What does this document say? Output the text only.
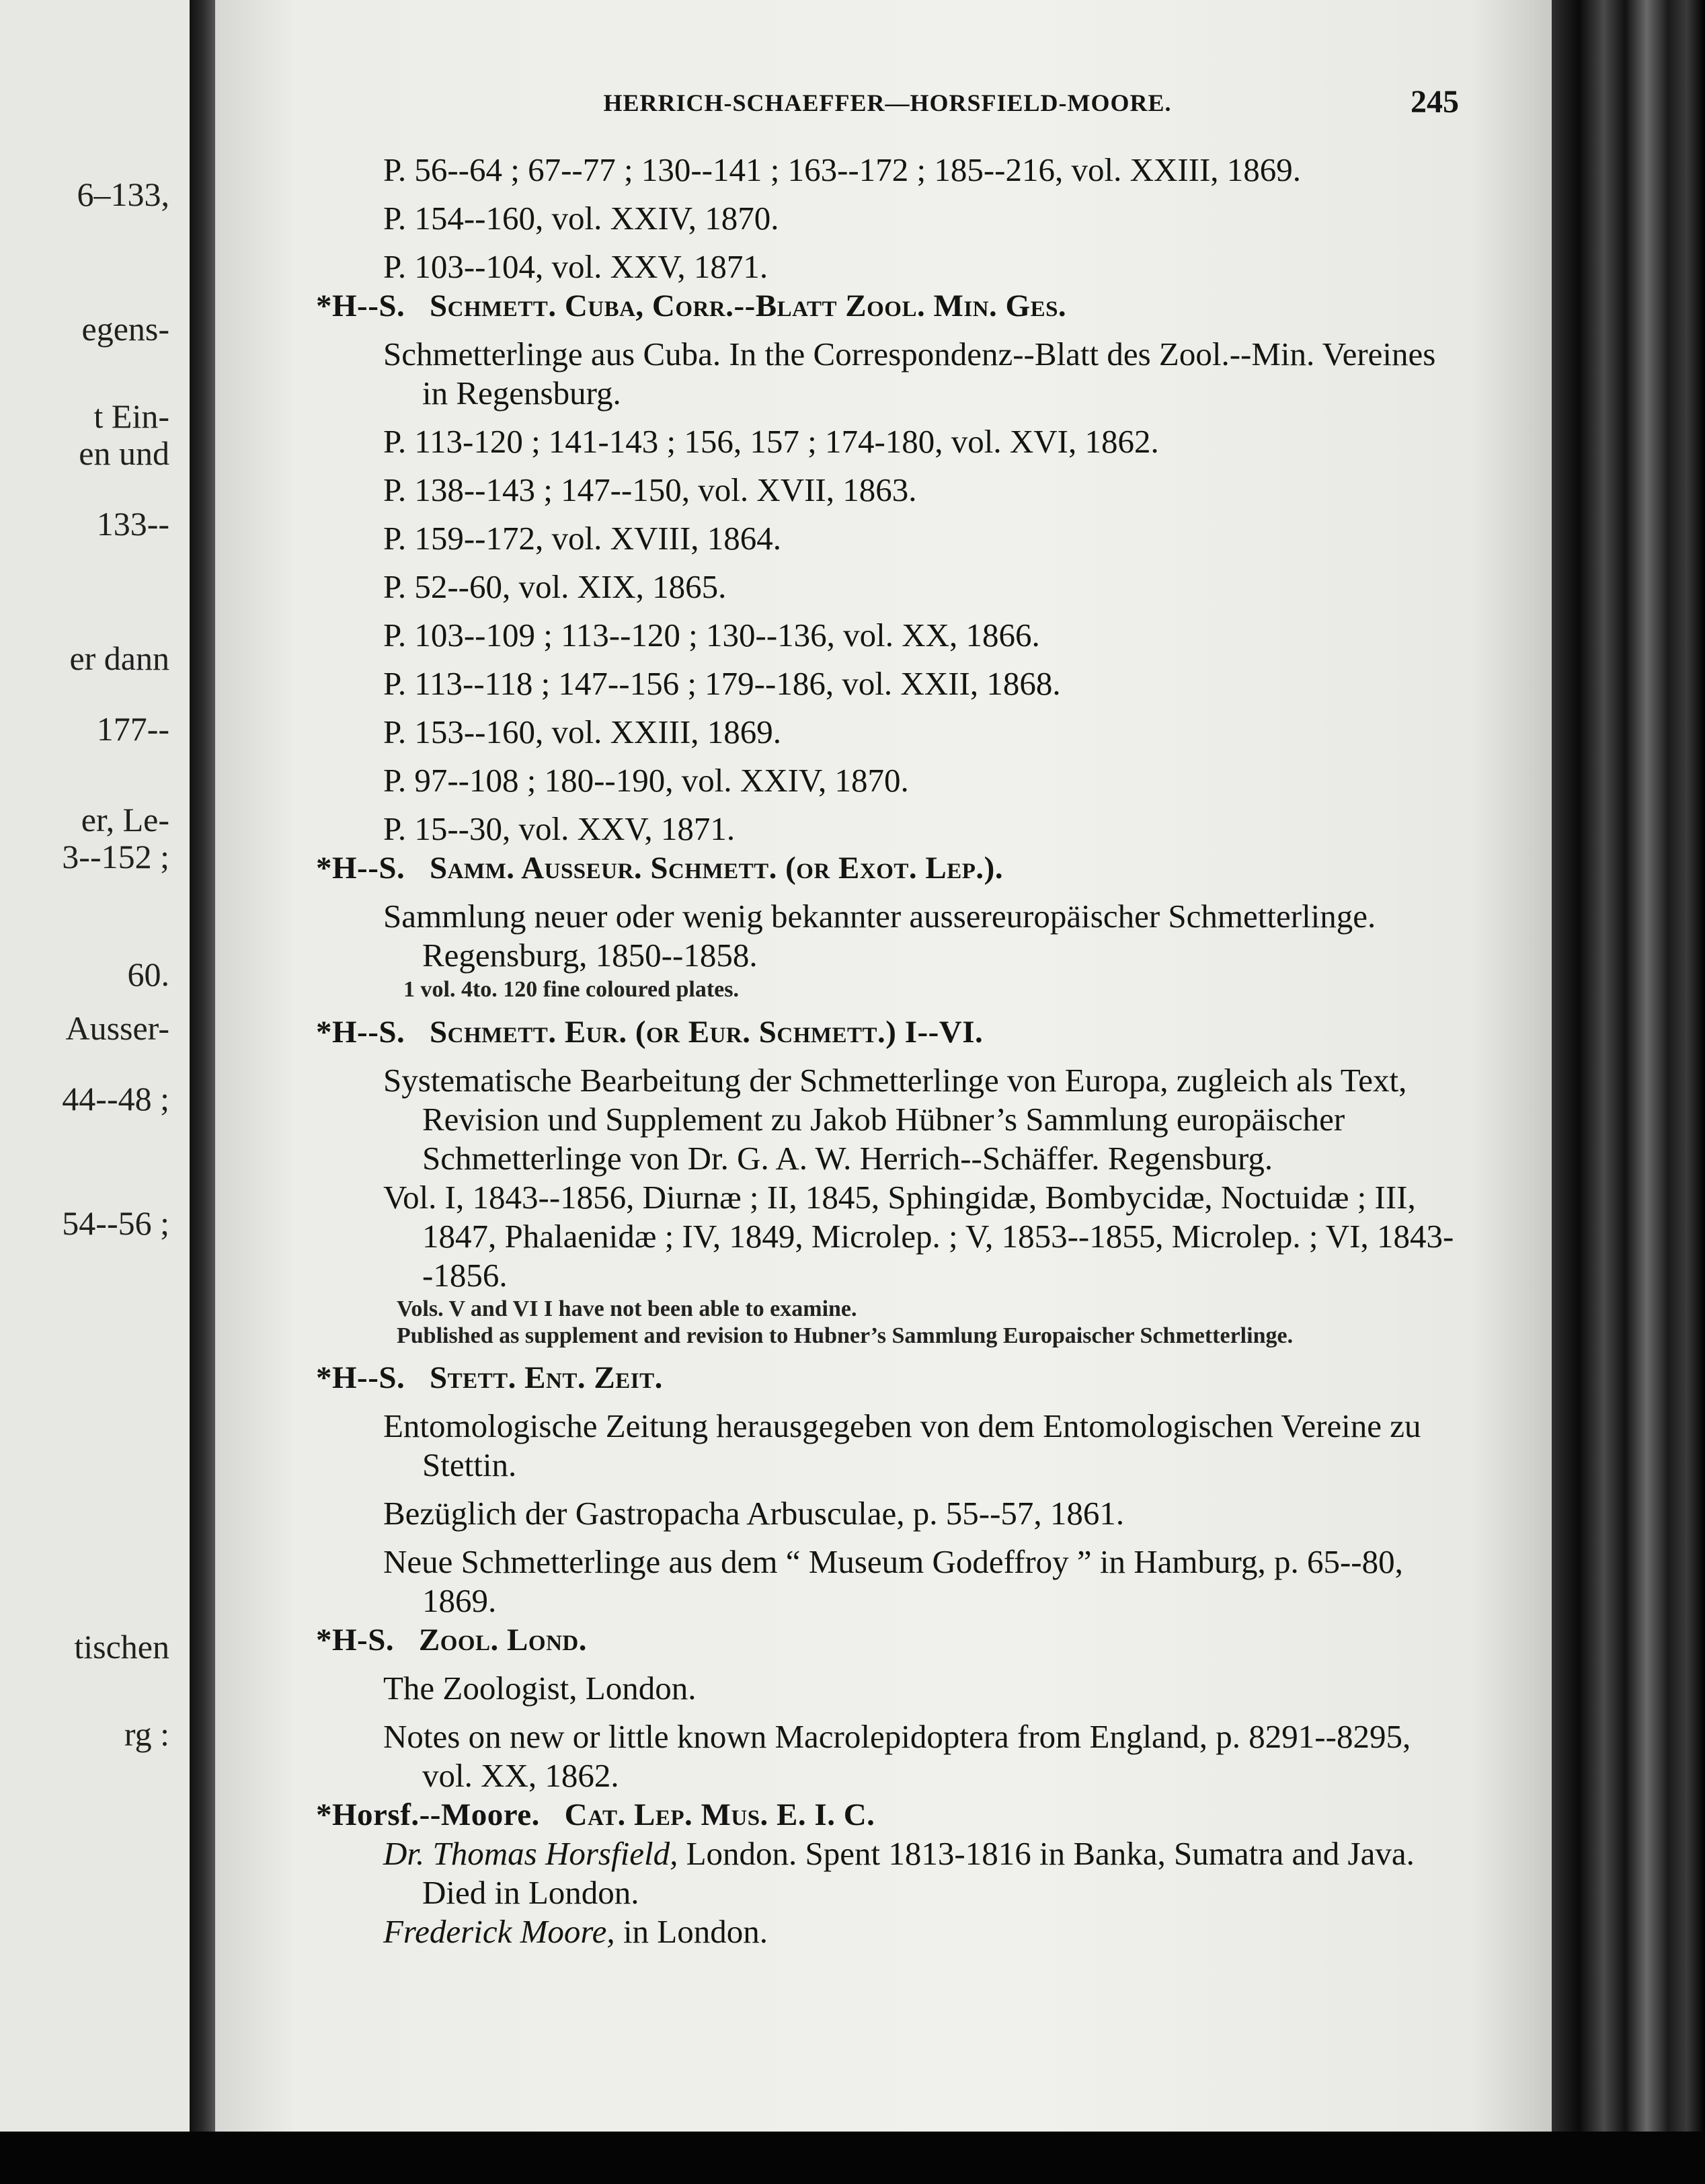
6–133,

egens-

t Ein-

en und

133--

er dann

177--

er, Le-

3--152 ;

60.

Ausser-

44--48 ;

54--56 ;

tischen

rg :

HERRICH-SCHAEFFER—HORSFIELD-MOORE.	245

P. 56--64 ; 67--77 ; 130--141 ; 163--172 ; 185--216, vol. XXIII, 1869.

P. 154--160, vol. XXIV, 1870.

P. 103--104, vol. XXV, 1871.

*H--S. Schmett. Cuba, Corr.--Blatt Zool. Min. Ges.

Schmetterlinge aus Cuba. In the Correspondenz--Blatt des Zool.--Min. Vereines in Regensburg.

P. 113-120 ; 141-143 ; 156, 157 ; 174-180, vol. XVI, 1862.

P. 138--143 ; 147--150, vol. XVII, 1863.

P. 159--172, vol. XVIII, 1864.

P. 52--60, vol. XIX, 1865.

P. 103--109 ; 113--120 ; 130--136, vol. XX, 1866.

P. 113--118 ; 147--156 ; 179--186, vol. XXII, 1868.

P. 153--160, vol. XXIII, 1869.

P. 97--108 ; 180--190, vol. XXIV, 1870.

P. 15--30, vol. XXV, 1871.

*H--S. Samm. Ausseur. Schmett. (or Exot. Lep.).

Sammlung neuer oder wenig bekannter aussereuropäischer Schmetterlinge. Regensburg, 1850--1858.

1 vol. 4to. 120 fine coloured plates.

*H--S. Schmett. Eur. (or Eur. Schmett.) I--VI.

Systematische Bearbeitung der Schmetterlinge von Europa, zugleich als Text, Revision und Supplement zu Jakob Hübner’s Sammlung europäischer Schmetterlinge von Dr. G. A. W. Herrich--Schäffer. Regensburg.

Vol. I, 1843--1856, Diurnæ ; II, 1845, Sphingidæ, Bombycidæ, Noctuidæ ; III, 1847, Phalaenidæ ; IV, 1849, Microlep. ; V, 1853--1855, Microlep. ; VI, 1843--1856.

Vols. V and VI I have not been able to examine.

Published as supplement and revision to Hubner’s Sammlung Europaischer Schmetterlinge.

*H--S. Stett. Ent. Zeit.

Entomologische Zeitung herausgegeben von dem Entomologischen Vereine zu Stettin.

Bezüglich der Gastropacha Arbusculae, p. 55--57, 1861.

Neue Schmetterlinge aus dem “ Museum Godeffroy ” in Hamburg, p. 65--80, 1869.

*H-S. Zool. Lond.

The Zoologist, London.

Notes on new or little known Macrolepidoptera from England, p. 8291--8295, vol. XX, 1862.

*Horsf.--Moore. Cat. Lep. Mus. E. I. C.

Dr. Thomas Horsfield, London. Spent 1813-1816 in Banka, Sumatra and Java. Died in London.

Frederick Moore, in London.
